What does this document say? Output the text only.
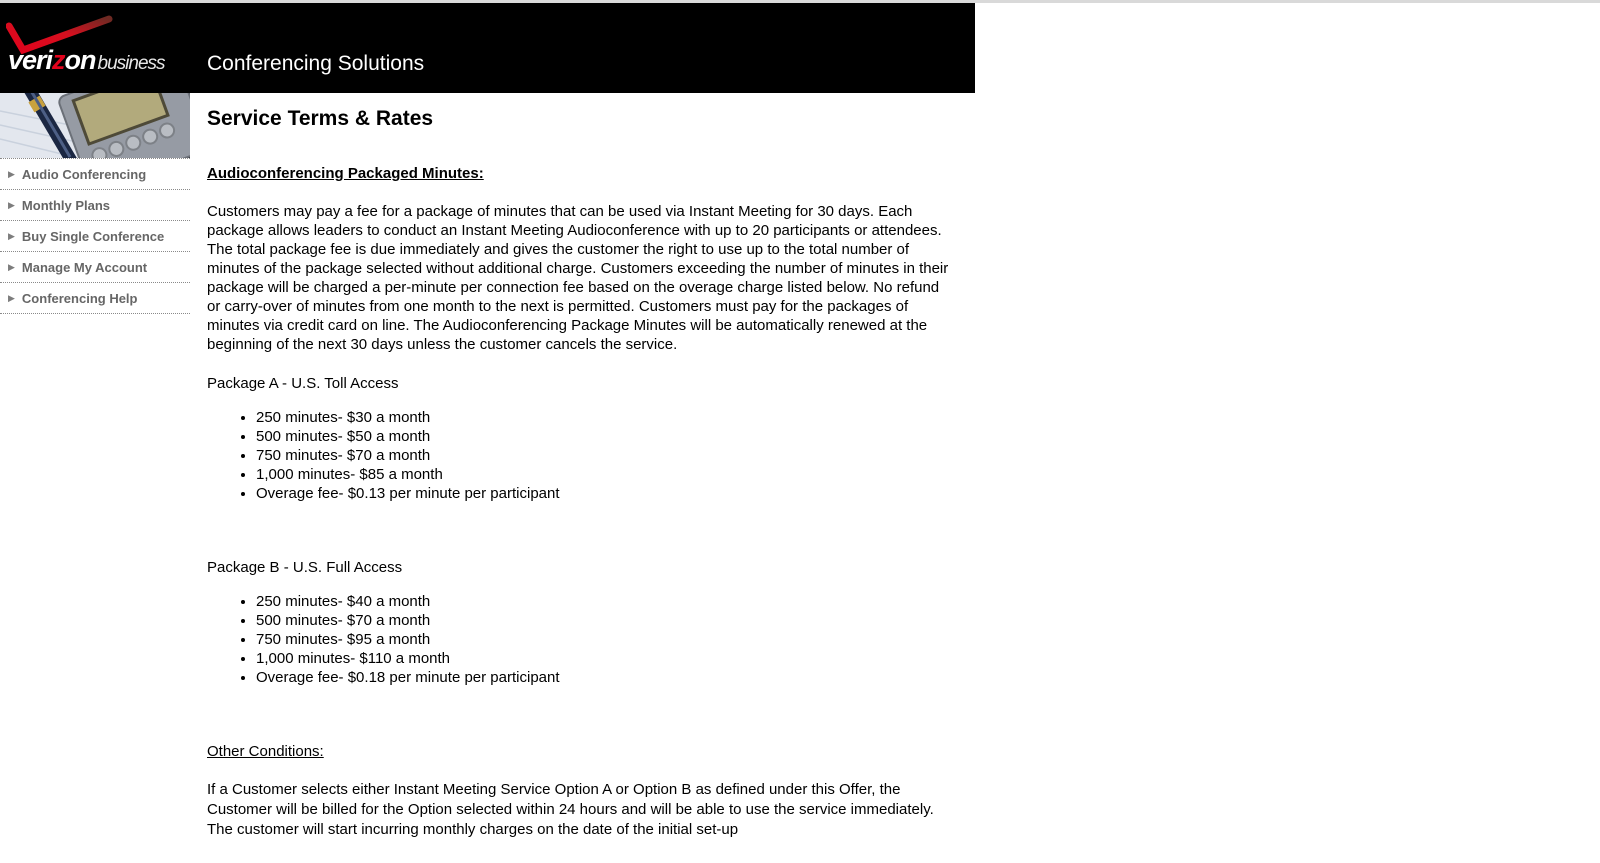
verizon business Conferencing Solutions
▶ Audio Conferencing
▶ Monthly Plans
▶ Buy Single Conference
▶ Manage My Account
▶ Conferencing Help
Service Terms & Rates
Audioconferencing Packaged Minutes:

Customers may pay a fee for a package of minutes that can be used via Instant Meeting for 30 days. Each package allows leaders to conduct an Instant Meeting Audioconference with up to 20 participants or attendees. The total package fee is due immediately and gives the customer the right to use up to the total number of minutes of the package selected without additional charge. Customers exceeding the number of minutes in their package will be charged a per-minute per connection fee based on the overage charge listed below. No refund or carry-over of minutes from one month to the next is permitted. Customers must pay for the packages of minutes via credit card on line. The Audioconferencing Package Minutes will be automatically renewed at the beginning of the next 30 days unless the customer cancels the service.

Package A - U.S. Toll Access

• 250 minutes- $30 a month
• 500 minutes- $50 a month
• 750 minutes- $70 a month
• 1,000 minutes- $85 a month
• Overage fee- $0.13 per minute per participant

Package B - U.S. Full Access

• 250 minutes- $40 a month
• 500 minutes- $70 a month
• 750 minutes- $95 a month
• 1,000 minutes- $110 a month
• Overage fee- $0.18 per minute per participant
Other Conditions:

If a Customer selects either Instant Meeting Service Option A or Option B as defined under this Offer, the Customer will be billed for the Option selected within 24 hours and will be able to use the service immediately. The customer will start incurring monthly charges on the date of the initial set-up
